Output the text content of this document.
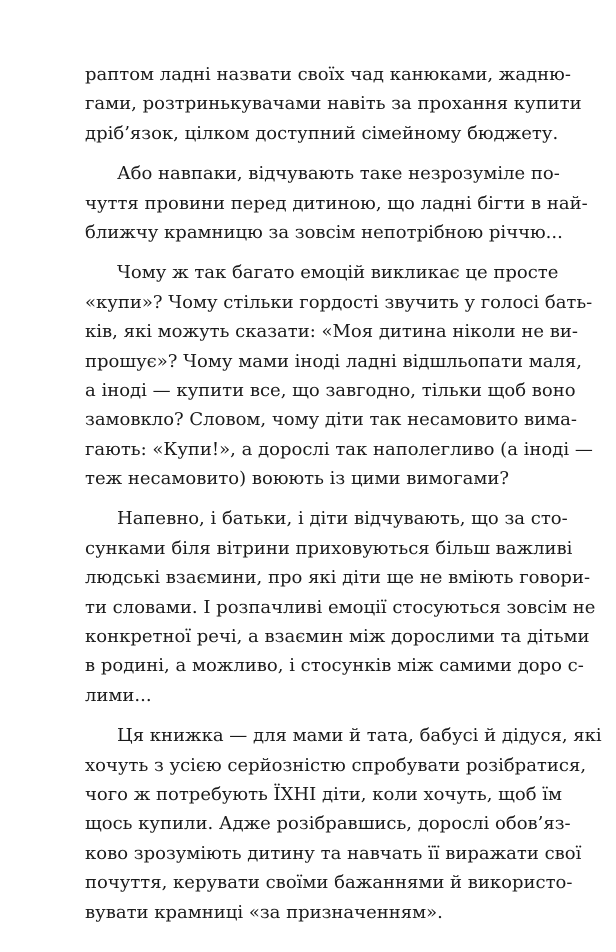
раптом ладні назвати своїх чад канюками, жадню-
гами, розтринькувачами навіть за прохання купити
дріб’язок, цілком доступний сімейному бюджету.
Або навпаки, відчувають таке незрозуміле по-
чуття провини перед дитиною, що ладні бігти в най-
ближчу крамницю за зовсім непотрібною річчю...
Чому ж так багато емоцій викликає це просте
«купи»? Чому стільки гордості звучить у голосі бать-
ків, які можуть сказати: «Моя дитина ніколи не ви-
прошує»? Чому мами іноді ладні відшльопати маля,
а іноді — купити все, що завгодно, тільки щоб воно
замовкло? Словом, чому діти так несамовито вима-
гають: «Купи!», а дорослі так наполегливо (а іноді —
теж несамовито) воюють із цими вимогами?
Напевно, і батьки, і діти відчувають, що за сто-
сунками біля вітрини приховуються більш важливі
людські взаємини, про які діти ще не вміють говори-
ти словами. І розпачливі емоції стосуються зовсім не
конкретної речі, а взаємин між дорослими та дітьми
в родині, а можливо, і стосунків між самими доро с-
лими...
Ця книжка — для мами й тата, бабусі й дідуся, які
хочуть з усією серйозністю спробувати розібратися,
чого ж потребують ЇХНІ діти, коли хочуть, щоб їм
щось купили. Адже розібравшись, дорослі обов’яз-
ково зрозуміють дитину та навчать її виражати свої
почуття, керувати своїми бажаннями й використо-
вувати крамниці «за призначенням».
